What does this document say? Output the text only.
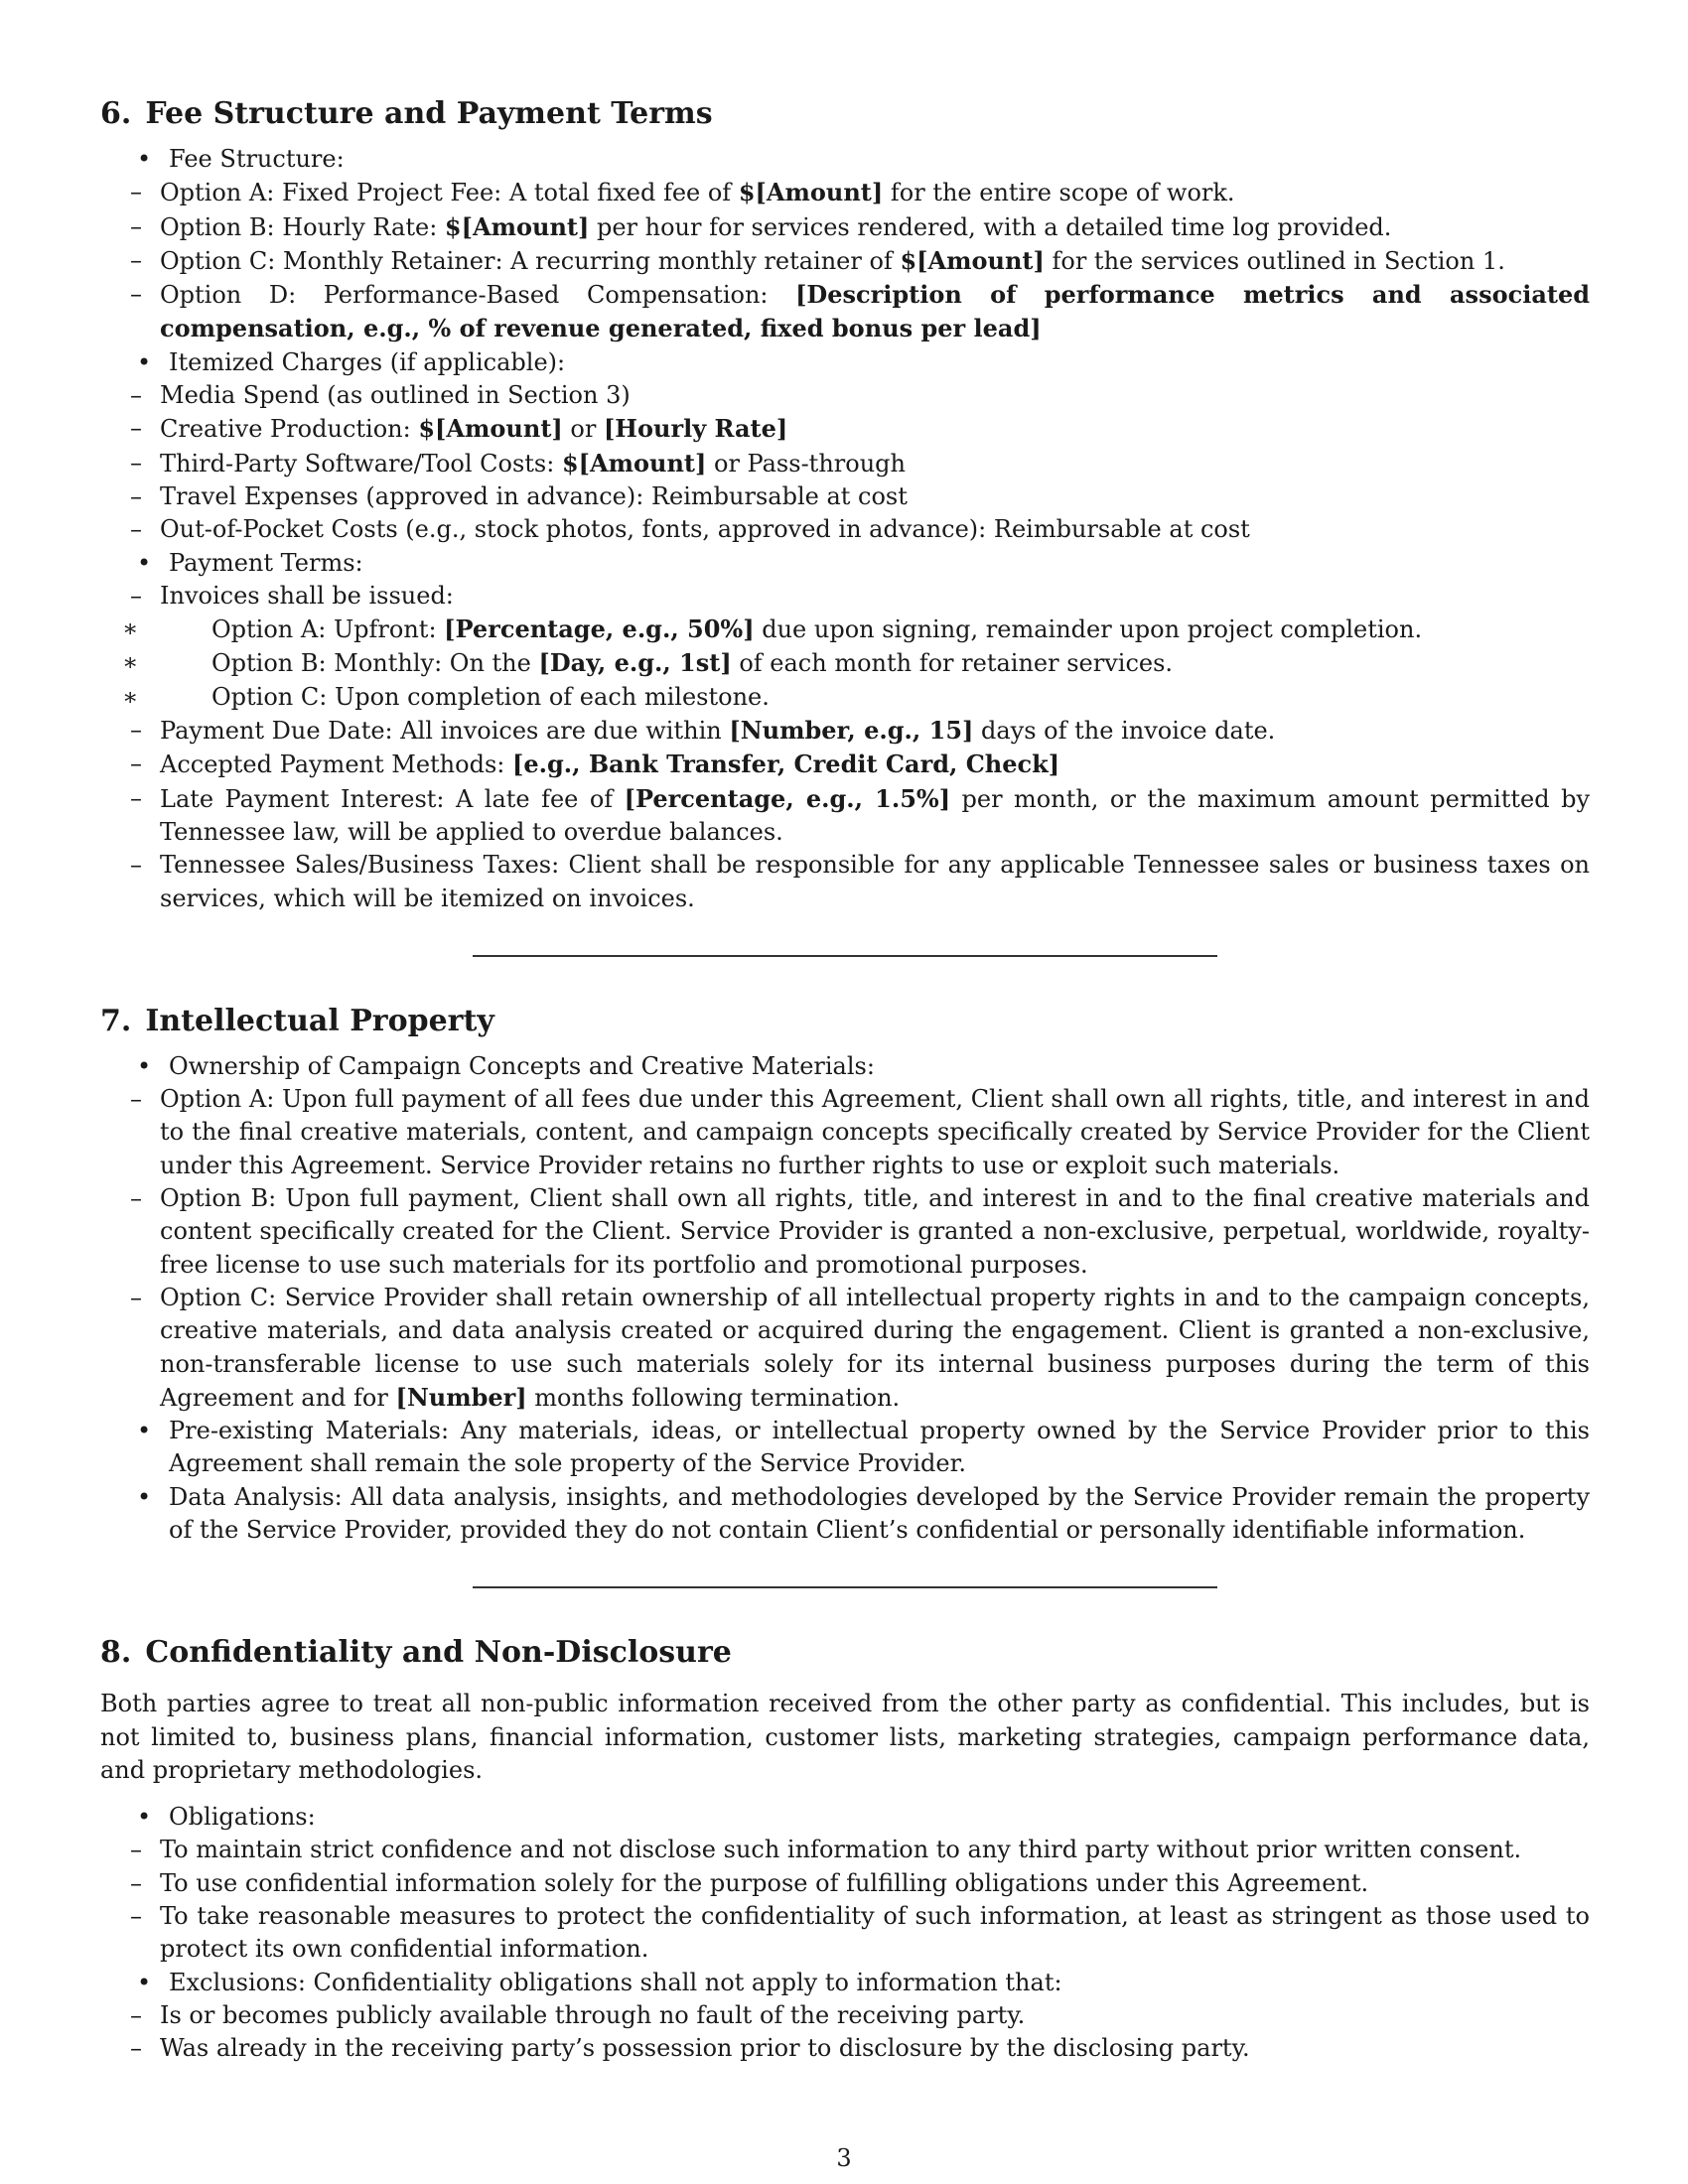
6. Fee Structure and Payment Terms
• Fee Structure:
– Option A: Fixed Project Fee: A total fixed fee of $[Amount] for the entire scope of work.
– Option B: Hourly Rate: $[Amount] per hour for services rendered, with a detailed time log provided.
– Option C: Monthly Retainer: A recurring monthly retainer of $[Amount] for the services outlined in Section 1.
– Option D: Performance-Based Compensation: [Description of performance metrics and associated compensation, e.g., % of revenue generated, fixed bonus per lead]
• Itemized Charges (if applicable):
– Media Spend (as outlined in Section 3)
– Creative Production: $[Amount] or [Hourly Rate]
– Third-Party Software/Tool Costs: $[Amount] or Pass-through
– Travel Expenses (approved in advance): Reimbursable at cost
– Out-of-Pocket Costs (e.g., stock photos, fonts, approved in advance): Reimbursable at cost
• Payment Terms:
– Invoices shall be issued:
∗ Option A: Upfront: [Percentage, e.g., 50%] due upon signing, remainder upon project completion.
∗ Option B: Monthly: On the [Day, e.g., 1st] of each month for retainer services.
∗ Option C: Upon completion of each milestone.
– Payment Due Date: All invoices are due within [Number, e.g., 15] days of the invoice date.
– Accepted Payment Methods: [e.g., Bank Transfer, Credit Card, Check]
– Late Payment Interest: A late fee of [Percentage, e.g., 1.5%] per month, or the maximum amount permitted by Tennessee law, will be applied to overdue balances.
– Tennessee Sales/Business Taxes: Client shall be responsible for any applicable Tennessee sales or business taxes on services, which will be itemized on invoices.
7. Intellectual Property
• Ownership of Campaign Concepts and Creative Materials:
– Option A: Upon full payment of all fees due under this Agreement, Client shall own all rights, title, and interest in and to the final creative materials, content, and campaign concepts specifically created by Service Provider for the Client under this Agreement. Service Provider retains no further rights to use or exploit such materials.
– Option B: Upon full payment, Client shall own all rights, title, and interest in and to the final creative materials and content specifically created for the Client. Service Provider is granted a non-exclusive, perpetual, worldwide, royalty-free license to use such materials for its portfolio and promotional purposes.
– Option C: Service Provider shall retain ownership of all intellectual property rights in and to the campaign concepts, creative materials, and data analysis created or acquired during the engagement. Client is granted a non-exclusive, non-transferable license to use such materials solely for its internal business purposes during the term of this Agreement and for [Number] months following termination.
• Pre-existing Materials: Any materials, ideas, or intellectual property owned by the Service Provider prior to this Agreement shall remain the sole property of the Service Provider.
• Data Analysis: All data analysis, insights, and methodologies developed by the Service Provider remain the property of the Service Provider, provided they do not contain Client’s confidential or personally identifiable information.
8. Confidentiality and Non-Disclosure

Both parties agree to treat all non-public information received from the other party as confidential. This includes, but is not limited to, business plans, financial information, customer lists, marketing strategies, campaign performance data, and proprietary methodologies.

• Obligations:
– To maintain strict confidence and not disclose such information to any third party without prior written consent.
– To use confidential information solely for the purpose of fulfilling obligations under this Agreement.
– To take reasonable measures to protect the confidentiality of such information, at least as stringent as those used to protect its own confidential information.
• Exclusions: Confidentiality obligations shall not apply to information that:
– Is or becomes publicly available through no fault of the receiving party.
– Was already in the receiving party’s possession prior to disclosure by the disclosing party.
3
